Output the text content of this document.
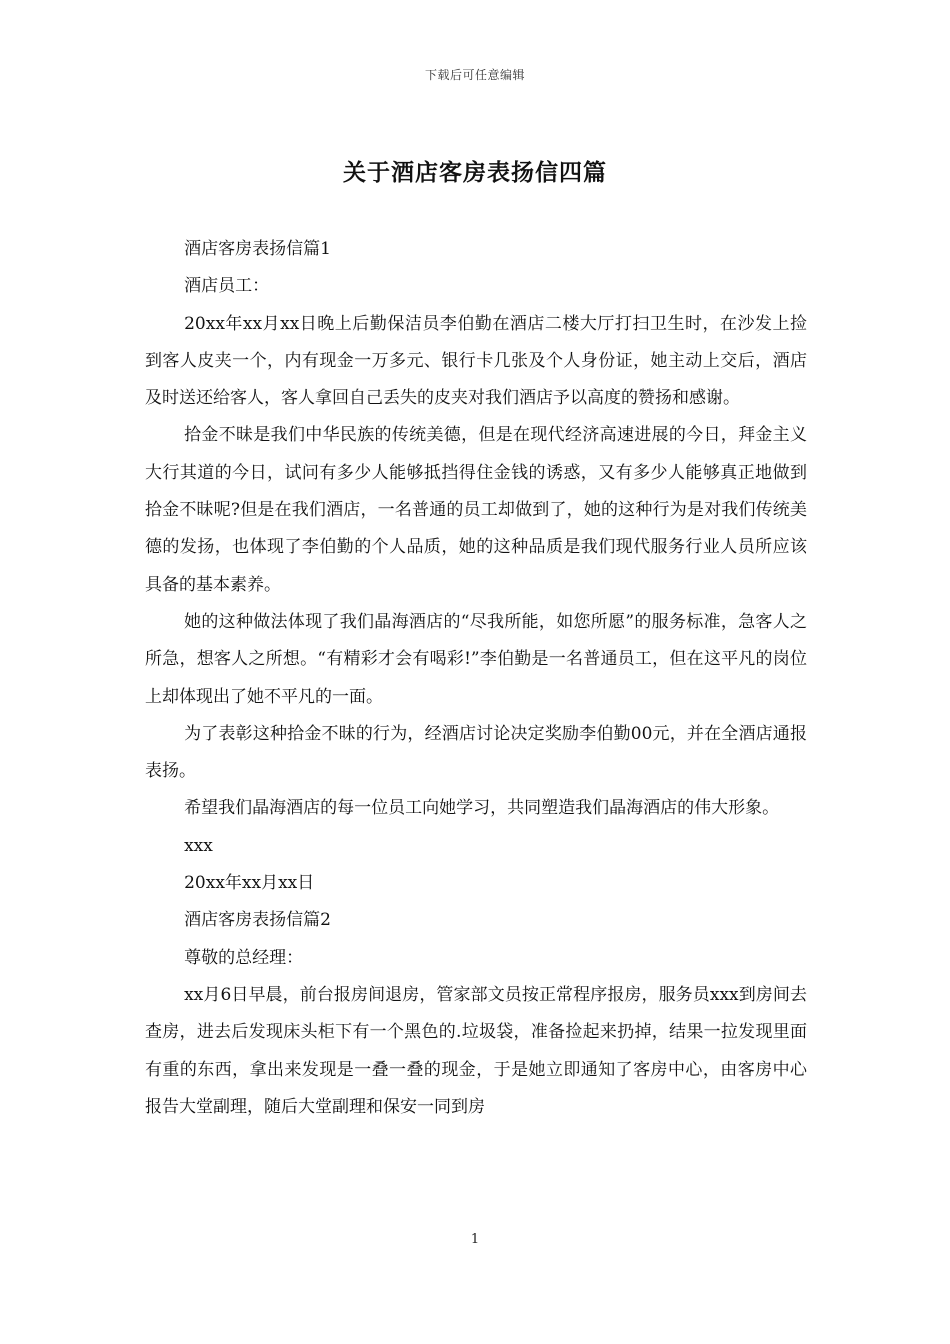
下载后可任意编辑
关于酒店客房表扬信四篇

酒店客房表扬信篇1

酒店员工：

20xx年xx月xx日晚上后勤保洁员李伯勤在酒店二楼大厅打扫卫生时，在沙发上捡到客人皮夹一个，内有现金一万多元、银行卡几张及个人身份证，她主动上交后，酒店及时送还给客人，客人拿回自己丢失的皮夹对我们酒店予以高度的赞扬和感谢。

拾金不昧是我们中华民族的传统美德，但是在现代经济高速进展的今日，拜金主义大行其道的今日，试问有多少人能够抵挡得住金钱的诱惑，又有多少人能够真正地做到拾金不昧呢?但是在我们酒店，一名普通的员工却做到了，她的这种行为是对我们传统美德的发扬，也体现了李伯勤的个人品质，她的这种品质是我们现代服务行业人员所应该具备的基本素养。

她的这种做法体现了我们晶海酒店的“尽我所能，如您所愿”的服务标准，急客人之所急，想客人之所想。“有精彩才会有喝彩!”李伯勤是一名普通员工，但在这平凡的岗位上却体现出了她不平凡的一面。

为了表彰这种拾金不昧的行为，经酒店讨论决定奖励李伯勤00元，并在全酒店通报表扬。

希望我们晶海酒店的每一位员工向她学习，共同塑造我们晶海酒店的伟大形象。

xxx

20xx年xx月xx日

酒店客房表扬信篇2

尊敬的总经理：

xx月6日早晨，前台报房间退房，管家部文员按正常程序报房，服务员xxx到房间去查房，进去后发现床头柜下有一个黑色的.垃圾袋，准备捡起来扔掉，结果一拉发现里面有重的东西，拿出来发现是一叠一叠的现金，于是她立即通知了客房中心，由客房中心报告大堂副理，随后大堂副理和保安一同到房

1
